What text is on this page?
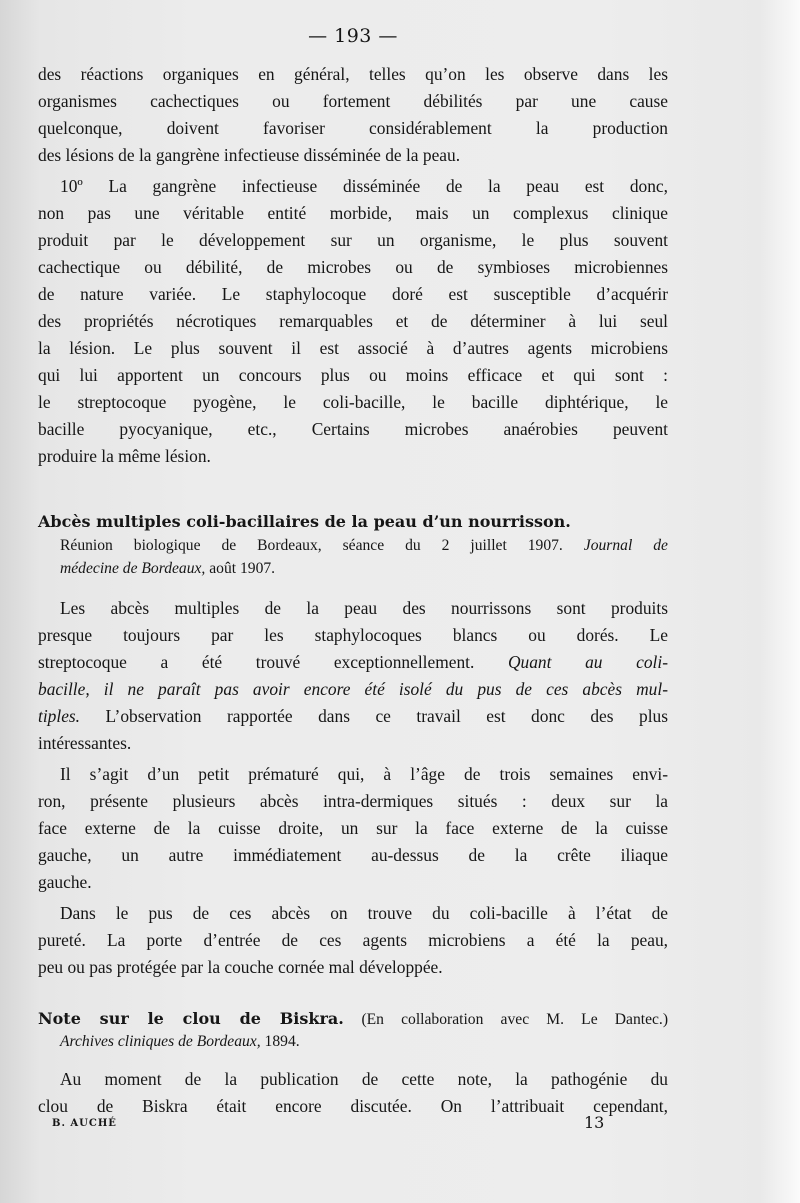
— 193 —
des réactions organiques en général, telles qu’on les observe dans les
organismes cachectiques ou fortement débilités par une cause
quelconque, doivent favoriser considérablement la production
des lésions de la gangrène infectieuse disséminée de la peau.
10º La gangrène infectieuse disséminée de la peau est donc,
non pas une véritable entité morbide, mais un complexus clinique
produit par le développement sur un organisme, le plus souvent
cachectique ou débilité, de microbes ou de symbioses microbiennes
de nature variée. Le staphylocoque doré est susceptible d’acquérir
des propriétés nécrotiques remarquables et de déterminer à lui seul
la lésion. Le plus souvent il est associé à d’autres agents microbiens
qui lui apportent un concours plus ou moins efficace et qui sont :
le streptocoque pyogène, le coli-bacille, le bacille diphtérique, le
bacille pyocyanique, etc., Certains microbes anaérobies peuvent
produire la même lésion.
Abcès multiples coli-bacillaires de la peau d’un nourrisson.
Réunion biologique de Bordeaux, séance du 2 juillet 1907. Journal de
médecine de Bordeaux, août 1907.
Les abcès multiples de la peau des nourrissons sont produits
presque toujours par les staphylocoques blancs ou dorés. Le
streptocoque a été trouvé exceptionnellement. Quant au coli-
bacille, il ne paraît pas avoir encore été isolé du pus de ces abcès mul-
tiples. L’observation rapportée dans ce travail est donc des plus
intéressantes.
Il s’agit d’un petit prématuré qui, à l’âge de trois semaines envi-
ron, présente plusieurs abcès intra-dermiques situés : deux sur la
face externe de la cuisse droite, un sur la face externe de la cuisse
gauche, un autre immédiatement au-dessus de la crête iliaque
gauche.
Dans le pus de ces abcès on trouve du coli-bacille à l’état de
pureté. La porte d’entrée de ces agents microbiens a été la peau,
peu ou pas protégée par la couche cornée mal développée.
Note sur le clou de Biskra. (En collaboration avec M. Le Dantec.)
Archives cliniques de Bordeaux, 1894.
Au moment de la publication de cette note, la pathogénie du
clou de Biskra était encore discutée. On l’attribuait cependant,
B. AUCHÉ	13
